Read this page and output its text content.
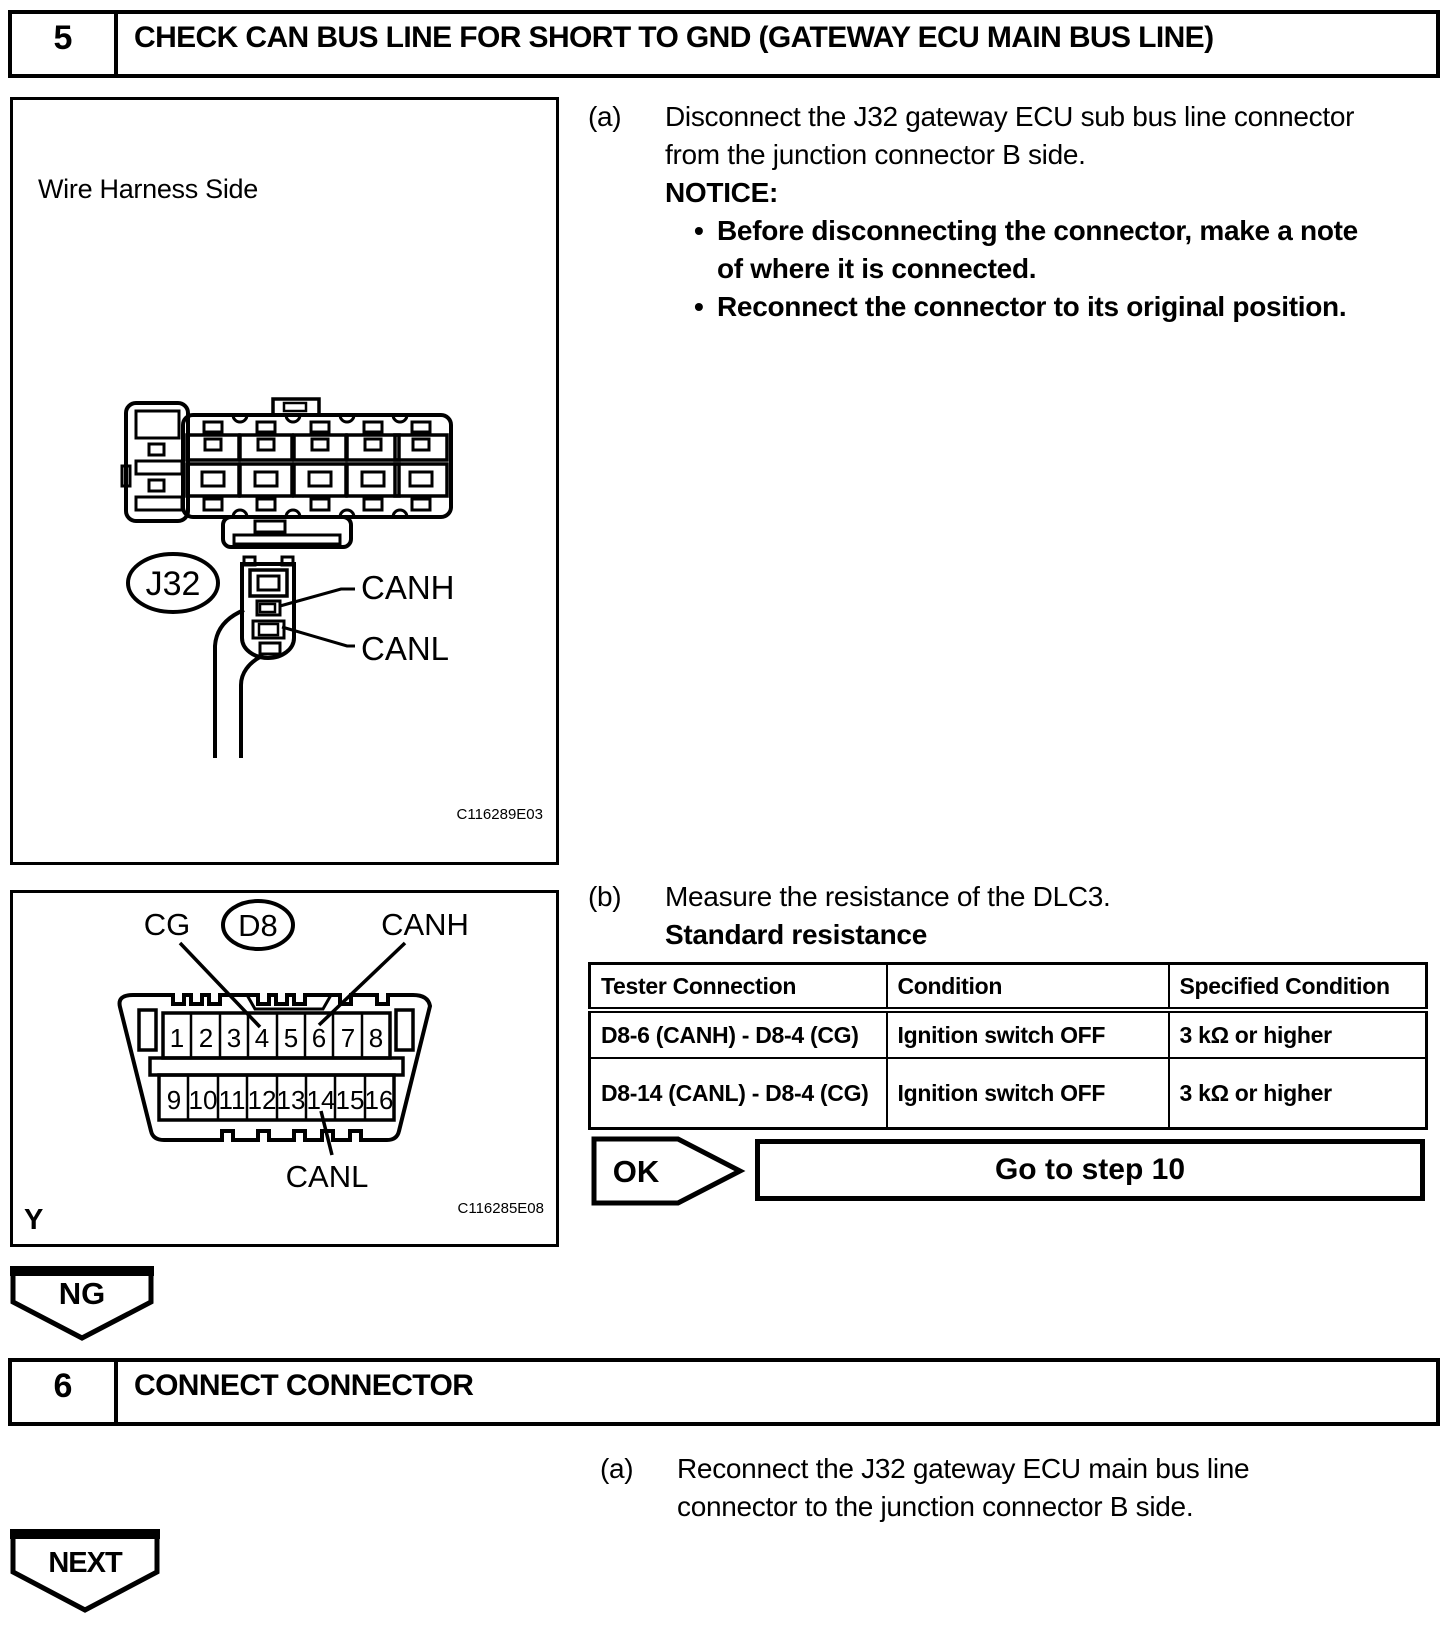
5	CHECK CAN BUS LINE FOR SHORT TO GND (GATEWAY ECU MAIN BUS LINE)
Wire Harness Side
J32	CANH
CANL
C116289E03
(a)	Disconnect the J32 gateway ECU sub bus line connector
from the junction connector B side.
NOTICE:
• Before disconnecting the connector, make a note
of where it is connected.
• Reconnect the connector to its original position.
D8
CG	CANH
CANL
1 2 3 4 5 6 7 8
9 10 11 12 13 14 15 16
Y	C116285E08
(b)	Measure the resistance of the DLC3.
Standard resistance
Tester Connection	Condition	Specified Condition
D8-6 (CANH) - D8-4 (CG)	Ignition switch OFF	3 kΩ or higher
D8-14 (CANL) - D8-4 (CG)	Ignition switch OFF	3 kΩ or higher
OK	Go to step 10
NG
6	CONNECT CONNECTOR
(a)	Reconnect the J32 gateway ECU main bus line
connector to the junction connector B side.
NEXT
